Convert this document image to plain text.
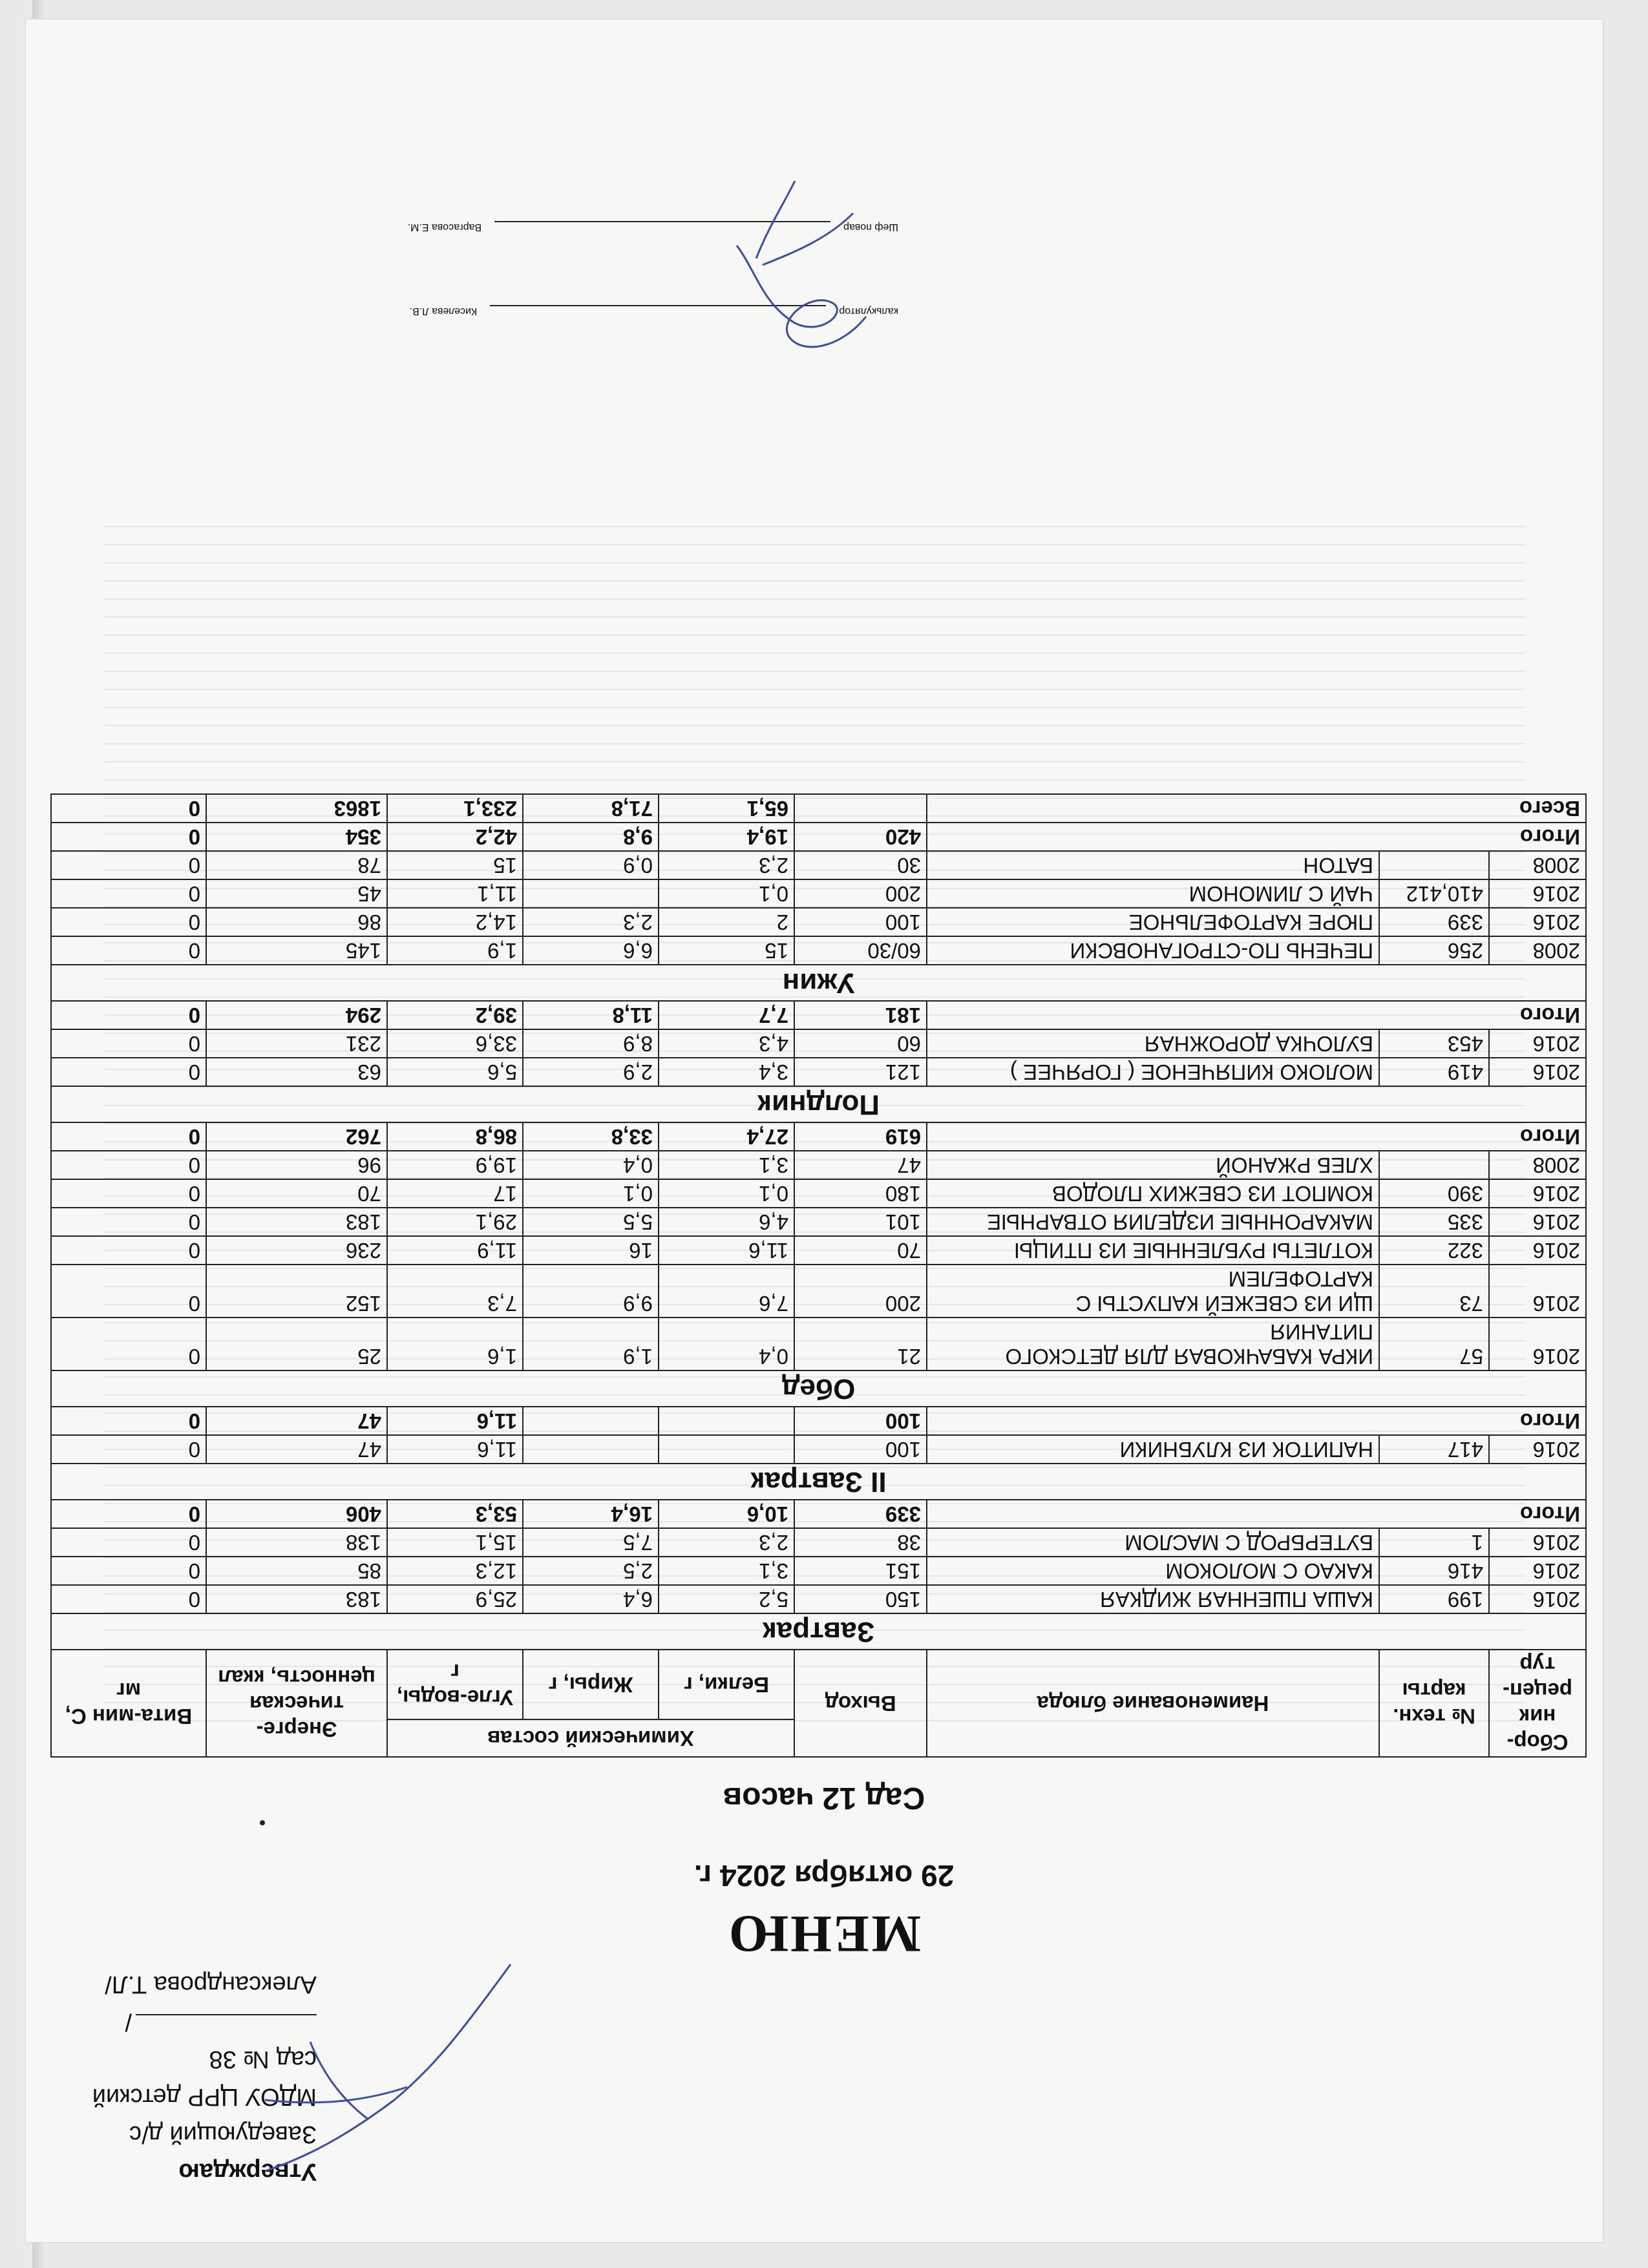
Утверждаю
Заведующий д/с
МДОУ ЦРР детский сад № 38
/Александрова Т.Л/
МЕНЮ
29 октября 2024 г.
Сад 12 часов
Сбор-ник рецеп-тур	№ техн. карты	Наименование блюда	Выход	Химический состав			Энерге-тическая ценность, ккал	Вита-мин С, мг
				Белки, г	Жиры, г	Угле-воды, г		
Завтрак								
2016	199	КАША ПШЕННАЯ ЖИДКАЯ	150	5,2	6,4	25,9	183	0
2016	416	КАКАО С МОЛОКОМ	151	3,1	2,5	12,3	85	0
2016	1	БУТЕРБРОД С МАСЛОМ	38	2,3	7,5	15,1	138	0
Итого			339	10,6	16,4	53,3	406	0
II Завтрак								
2016	417	НАПИТОК ИЗ КЛУБНИКИ	100			11,6	47	0
Итого			100			11,6	47	0
Обед								
2016	57	ИКРА КАБАЧКОВАЯ ДЛЯ ДЕТСКОГО ПИТАНИЯ	21	0,4	1,9	1,6	25	0
2016	73	ЩИ ИЗ СВЕЖЕЙ КАПУСТЫ С КАРТОФЕЛЕМ	200	7,6	9,9	7,3	152	0
2016	322	КОТЛЕТЫ РУБЛЕННЫЕ ИЗ ПТИЦЫ	70	11,6	16	11,9	236	0
2016	335	МАКАРОННЫЕ ИЗДЕЛИЯ ОТВАРНЫЕ	101	4,6	5,5	29,1	183	0
2016	390	КОМПОТ ИЗ СВЕЖИХ ПЛОДОВ	180	0,1	0,1	17	70	0
2008		ХЛЕБ РЖАНОЙ	47	3,1	0,4	19,9	96	0
Итого			619	27,4	33,8	86,8	762	0
Полдник								
2016	419	МОЛОКО КИПЯЧЕНОЕ ( ГОРЯЧЕЕ )	121	3,4	2,9	5,6	63	0
2016	453	БУЛОЧКА ДОРОЖНАЯ	60	4,3	8,9	33,6	231	0
Итого			181	7,7	11,8	39,2	294	0
Ужин								
2008	256	ПЕЧЕНЬ ПО-СТРОГАНОВСКИ	60/30	15	6,6	1,9	145	0
2016	339	ПЮРЕ КАРТОФЕЛЬНОЕ	100	2	2,3	14,2	86	0
2016	410,412	ЧАЙ С ЛИМОНОМ	200	0,1		11,1	45	0
2008		БАТОН	30	2,3	0,9	15	78	0
Итого			420	19,4	9,8	42,2	354	0
Всего				65,1	71,8	233,1	1863	0
калькуляторКиселева Л.В.
Шеф поварВаргасова Е.М.
